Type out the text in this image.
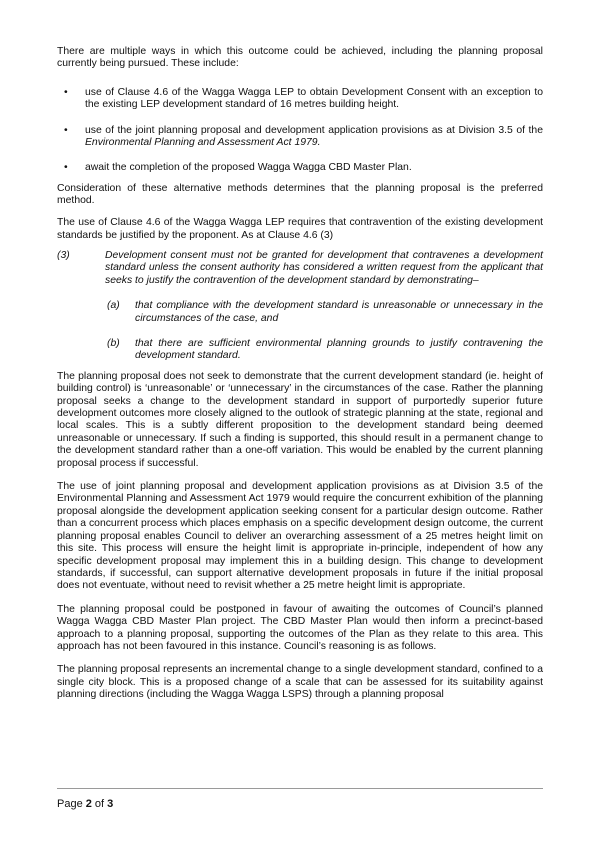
There are multiple ways in which this outcome could be achieved, including the planning proposal currently being pursued. These include:

• use of Clause 4.6 of the Wagga Wagga LEP to obtain Development Consent with an exception to the existing LEP development standard of 16 metres building height.
• use of the joint planning proposal and development application provisions as at Division 3.5 of the Environmental Planning and Assessment Act 1979.
• await the completion of the proposed Wagga Wagga CBD Master Plan.

Consideration of these alternative methods determines that the planning proposal is the preferred method.

The use of Clause 4.6 of the Wagga Wagga LEP requires that contravention of the existing development standards be justified by the proponent. As at Clause 4.6 (3)

(3)	Development consent must not be granted for development that contravenes a development standard unless the consent authority has considered a written request from the applicant that seeks to justify the contravention of the development standard by demonstrating–

(a) that compliance with the development standard is unreasonable or unnecessary in the circumstances of the case, and

(b) that there are sufficient environmental planning grounds to justify contravening the development standard.

The planning proposal does not seek to demonstrate that the current development standard (ie. height of building control) is ‘unreasonable’ or ‘unnecessary’ in the circumstances of the case. Rather the planning proposal seeks a change to the development standard in support of purportedly superior future development outcomes more closely aligned to the outlook of strategic planning at the state, regional and local scales. This is a subtly different proposition to the development standard being deemed unreasonable or unnecessary. If such a finding is supported, this should result in a permanent change to the development standard rather than a one-off variation. This would be enabled by the current planning proposal process if successful.

The use of joint planning proposal and development application provisions as at Division 3.5 of the Environmental Planning and Assessment Act 1979 would require the concurrent exhibition of the planning proposal alongside the development application seeking consent for a particular design outcome. Rather than a concurrent process which places emphasis on a specific development design outcome, the current planning proposal enables Council to deliver an overarching assessment of a 25 metres height limit on this site. This process will ensure the height limit is appropriate in-principle, independent of how any specific development proposal may implement this in a building design. This change to development standards, if successful, can support alternative development proposals in future if the initial proposal does not eventuate, without need to revisit whether a 25 metre height limit is appropriate.

The planning proposal could be postponed in favour of awaiting the outcomes of Council’s planned Wagga Wagga CBD Master Plan project. The CBD Master Plan would then inform a precinct-based approach to a planning proposal, supporting the outcomes of the Plan as they relate to this area. This approach has not been favoured in this instance. Council’s reasoning is as follows.

The planning proposal represents an incremental change to a single development standard, confined to a single city block. This is a proposed change of a scale that can be assessed for its suitability against planning directions (including the Wagga Wagga LSPS) through a planning proposal

Page 2 of 3
